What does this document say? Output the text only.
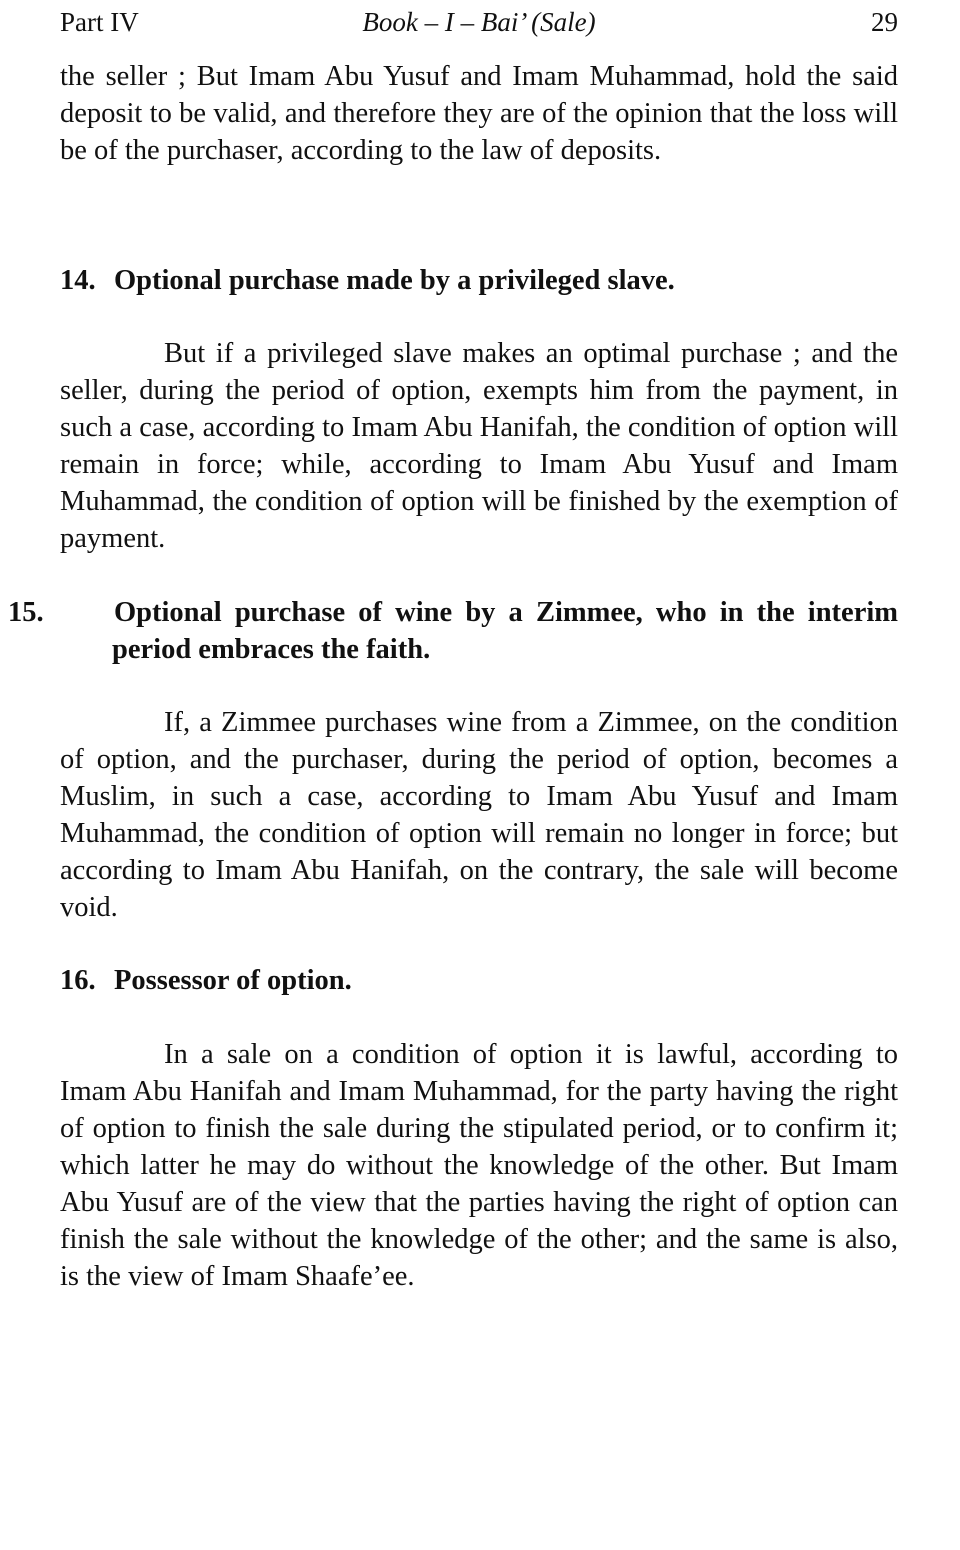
Part IV	Book – I – Bai’ (Sale)	29

the seller ; But Imam Abu Yusuf and Imam Muhammad, hold the said deposit to be valid, and therefore they are of the opinion that the loss will be of the purchaser, according to the law of deposits.

14. Optional purchase made by a privileged slave.

But if a privileged slave makes an optimal purchase ; and the seller, during the period of option, exempts him from the payment, in such a case, according to Imam Abu Hanifah, the condition of option will remain in force; while, according to Imam Abu Yusuf and Imam Muhammad, the condition of option will be finished by the exemption of payment.

15. Optional purchase of wine by a Zimmee, who in the interim period embraces the faith.

If, a Zimmee purchases wine from a Zimmee, on the condition of option, and the purchaser, during the period of option, becomes a Muslim, in such a case, according to Imam Abu Yusuf and Imam Muhammad, the condition of option will remain no longer in force; but according to Imam Abu Hanifah, on the contrary, the sale will become void.

16. Possessor of option.

In a sale on a condition of option it is lawful, according to Imam Abu Hanifah and Imam Muhammad, for the party having the right of option to finish the sale during the stipulated period, or to confirm it; which latter he may do without the knowledge of the other. But Imam Abu Yusuf are of the view that the parties having the right of option can finish the sale without the knowledge of the other; and the same is also, is the view of Imam Shaafe’ee.
